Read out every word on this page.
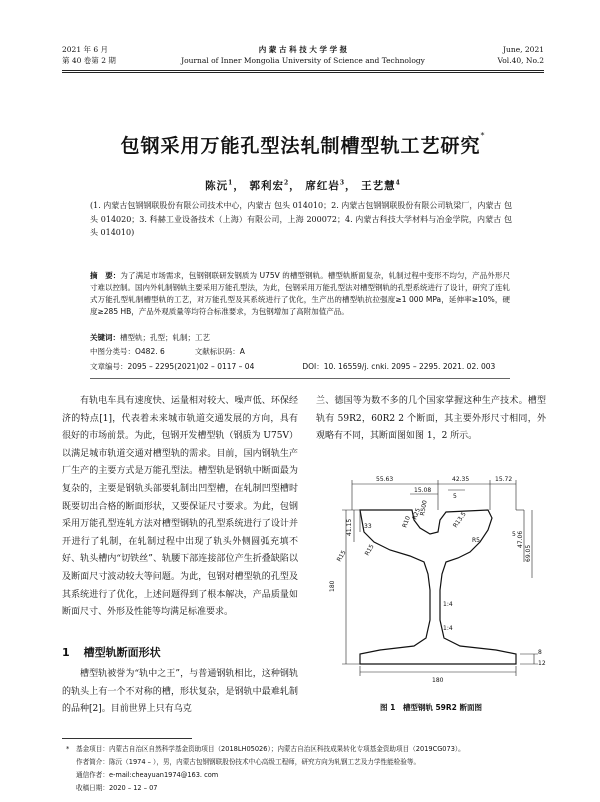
2021 年 6 月
第 40 卷第 2 期
内 蒙 古 科 技 大 学 学 报
Journal of Inner Mongolia University of Science and Technology
June, 2021
Vol.40, No.2
包钢采用万能孔型法轧制槽型轨工艺研究*
陈沅$^1$， 郭利宏$^2$， 席红岩$^3$， 王艺慧$^4$
(1. 内蒙古包钢钢联股份有限公司技术中心，内蒙古 包头 014010；2. 内蒙古包钢钢联股份有限公司轨梁厂，内蒙古 包头 014020；3. 科赫工业设备技术（上海）有限公司，上海 200072；4. 内蒙古科技大学材料与冶金学院，内蒙古 包头 014010)
摘　要：为了满足市场需求，包钢钢联研发钢质为 U75V 的槽型钢轨。槽型轨断面复杂，轧制过程中变形不均匀，产品外形尺寸难以控制。国内外轧制钢轨主要采用万能孔型法，为此，包钢采用万能孔型法对槽型钢轨的孔型系统进行了设计，研究了连轧式万能孔型轧制槽型轨的工艺，对万能孔型及其系统进行了优化，生产出的槽型轨抗拉强度≥1 000 MPa，延伸率≥10%，硬度≥285 HB，产品外观质量等均符合标准要求，为包钢增加了高附加值产品。
关键词：槽型轨；孔型；轧制；工艺
中图分类号：O482. 6	文献标识码：A
文章编号：2095 – 2295(2021)02 – 0117 – 04	DOI：10. 16559/j. cnki. 2095 – 2295. 2021. 02. 003

有轨电车具有速度快、运量相对较大、噪声低、环保经济的特点[1]，代表着未来城市轨道交通发展的方向，具有很好的市场前景。为此，包钢开发槽型轨（钢质为 U75V）以满足城市轨道交通对槽型轨的需求。目前，国内钢轨生产厂生产的主要方式是万能孔型法。槽型轨是钢轨中断面最为复杂的，主要是钢轨头部要轧制出凹型槽，在轧制凹型槽时既要切出合格的断面形状，又要保证尺寸要求。为此，包钢采用万能孔型连轧方法对槽型钢轨的孔型系统进行了设计并开进行了轧制，在轧制过程中出现了轨头外侧圆弧充填不好、轨头槽内“切铁丝”、轨腰下部连接部位产生折叠缺陷以及断面尺寸波动较大等问题。为此，包钢对槽型轨的孔型及其系统进行了优化，上述问题得到了根本解决，产品质量如断面尺寸、外形及性能等均满足标准要求。

兰、德国等为数不多的几个国家掌握这种生产技术。槽型轨有 59R2，60R2 2 个断面，其主要外形尺寸相同，外观略有不同，其断面图如图 1，2 所示。

1 槽型轨断面形状

槽型轨被誉为“轨中之王”，与普通钢轨相比，这种钢轨的轨头上有一个不对称的槽，形状复杂，是钢轨中最难轧制的品种[2]。目前世界上只有乌克

55.63	42.35	15.72
15.08
5
180
41.15 33
47.06
69.05
5
8
12
180
R15
R15
R25	R13.5
R10
R500
R5
1:4
1:4
图 1　槽型钢轨 59R2 断面图
* 基金项目：内蒙古自治区自然科学基金资助项目（2018LH05026）；内蒙古自治区科技成果转化专项基金资助项目（2019CG073）。
作者简介：陈沅（1974 – ），男，内蒙古包钢钢联股份技术中心高级工程师，研究方向为轧钢工艺及力学性能检验等。
通信作者：e-mail:cheayuan1974@163. com
收稿日期：2020 – 12 – 07
